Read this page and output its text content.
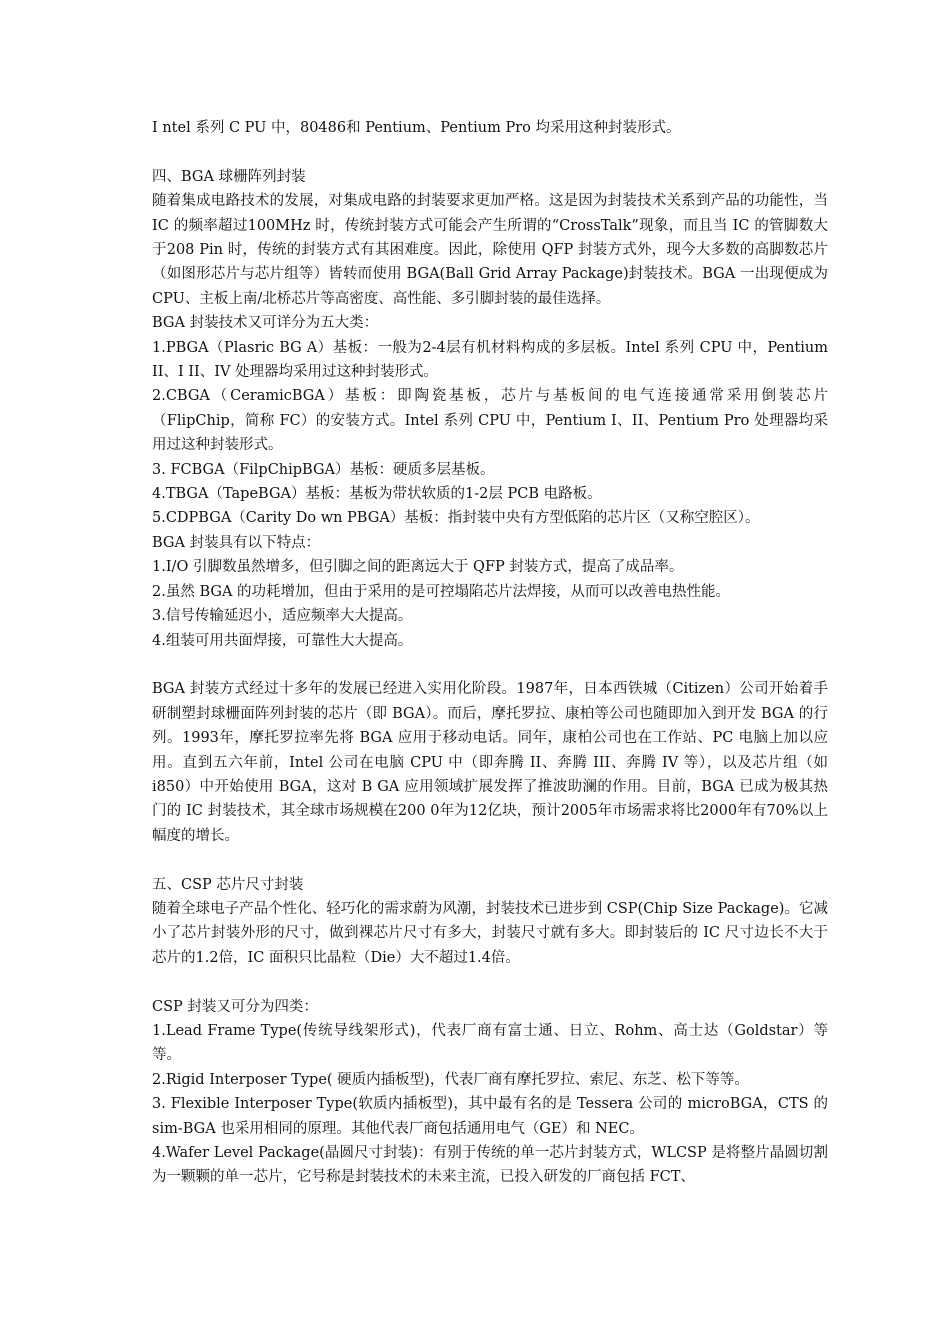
I ntel 系列 C PU 中，80486和 Pentium、Pentium Pro 均采用这种封装形式。

四、BGA 球栅阵列封装

随着集成电路技术的发展，对集成电路的封装要求更加严格。这是因为封装技术关系到产品的功能性，当 IC 的频率超过100MHz 时，传统封装方式可能会产生所谓的“CrossTalk”现象，而且当 IC 的管脚数大于208 Pin 时，传统的封装方式有其困难度。因此，除使用 QFP 封装方式外，现今大多数的高脚数芯片（如图形芯片与芯片组等）皆转而使用 BGA(Ball Grid Array Package)封装技术。BGA 一出现便成为 CPU、主板上南/北桥芯片等高密度、高性能、多引脚封装的最佳选择。

BGA 封装技术又可详分为五大类：

1.PBGA（Plasric BG A）基板：一般为2-4层有机材料构成的多层板。Intel 系列 CPU 中，Pentium II、I II、IV 处理器均采用过这种封装形式。

2.CBGA（CeramicBGA）基板：即陶瓷基板，芯片与基板间的电气连接通常采用倒装芯片（FlipChip，简称 FC）的安装方式。Intel 系列 CPU 中，Pentium I、II、Pentium Pro 处理器均采用过这种封装形式。

3. FCBGA（FilpChipBGA）基板：硬质多层基板。

4.TBGA（TapeBGA）基板：基板为带状软质的1-2层 PCB 电路板。

5.CDPBGA（Carity Do wn PBGA）基板：指封装中央有方型低陷的芯片区（又称空腔区）。

BGA 封装具有以下特点：

1.I/O 引脚数虽然增多，但引脚之间的距离远大于 QFP 封装方式，提高了成品率。

2.虽然 BGA 的功耗增加，但由于采用的是可控塌陷芯片法焊接，从而可以改善电热性能。

3.信号传输延迟小，适应频率大大提高。

4.组装可用共面焊接，可靠性大大提高。

BGA 封装方式经过十多年的发展已经进入实用化阶段。1987年，日本西铁城（Citizen）公司开始着手研制塑封球栅面阵列封装的芯片（即 BGA）。而后，摩托罗拉、康柏等公司也随即加入到开发 BGA 的行列。1993年，摩托罗拉率先将 BGA 应用于移动电话。同年，康柏公司也在工作站、PC 电脑上加以应用。直到五六年前，Intel 公司在电脑 CPU 中（即奔腾 II、奔腾 III、奔腾 IV 等），以及芯片组（如 i850）中开始使用 BGA，这对 B GA 应用领域扩展发挥了推波助澜的作用。目前，BGA 已成为极其热门的 IC 封装技术，其全球市场规模在200 0年为12亿块，预计2005年市场需求将比2000年有70%以上幅度的增长。

五、CSP 芯片尺寸封装

随着全球电子产品个性化、轻巧化的需求蔚为风潮，封装技术已进步到 CSP(Chip Size Package)。它减小了芯片封装外形的尺寸，做到裸芯片尺寸有多大，封装尺寸就有多大。即封装后的 IC 尺寸边长不大于芯片的1.2倍，IC 面积只比晶粒（Die）大不超过1.4倍。

CSP 封装又可分为四类：

1.Lead Frame Type(传统导线架形式)，代表厂商有富士通、日立、Rohm、高士达（Goldstar）等等。

2.Rigid Interposer Type( 硬质内插板型)，代表厂商有摩托罗拉、索尼、东芝、松下等等。

3. Flexible Interposer Type(软质内插板型)，其中最有名的是 Tessera 公司的 microBGA，CTS 的 sim-BGA 也采用相同的原理。其他代表厂商包括通用电气（GE）和 NEC。

4.Wafer Level Package(晶圆尺寸封装)：有别于传统的单一芯片封装方式，WLCSP 是将整片晶圆切割为一颗颗的单一芯片，它号称是封装技术的未来主流，已投入研发的厂商包括 FCT、
